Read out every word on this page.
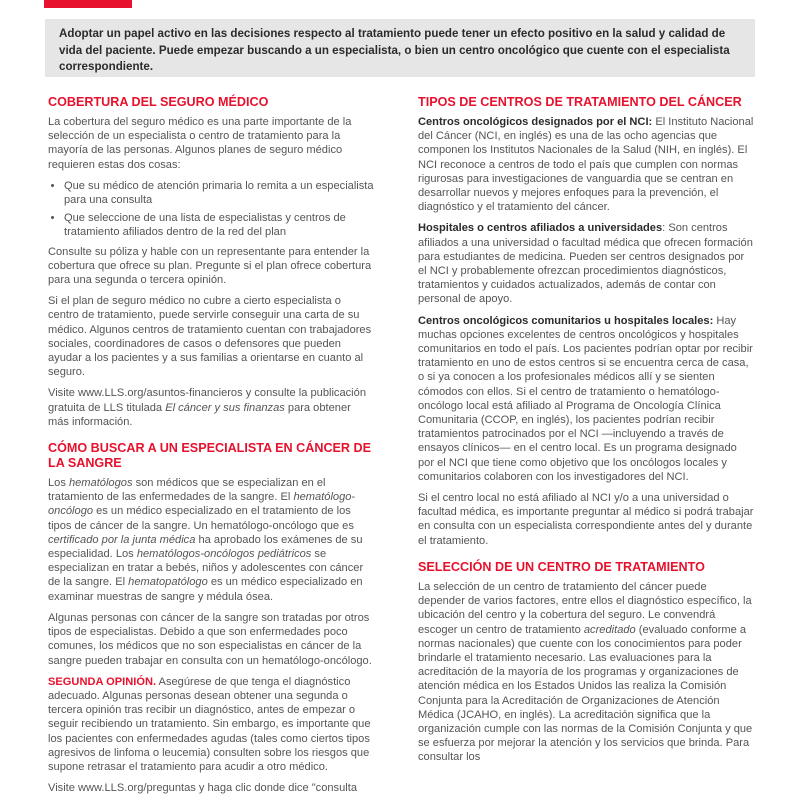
Adoptar un papel activo en las decisiones respecto al tratamiento puede tener un efecto positivo en la salud y calidad de vida del paciente. Puede empezar buscando a un especialista, o bien un centro oncológico que cuente con el especialista correspondiente.
COBERTURA DEL SEGURO MÉDICO

La cobertura del seguro médico es una parte importante de la selección de un especialista o centro de tratamiento para la mayoría de las personas. Algunos planes de seguro médico requieren estas dos cosas:

• Que su médico de atención primaria lo remita a un especialista para una consulta
• Que seleccione de una lista de especialistas y centros de tratamiento afiliados dentro de la red del plan

Consulte su póliza y hable con un representante para entender la cobertura que ofrece su plan. Pregunte si el plan ofrece cobertura para una segunda o tercera opinión.

Si el plan de seguro médico no cubre a cierto especialista o centro de tratamiento, puede servirle conseguir una carta de su médico. Algunos centros de tratamiento cuentan con trabajadores sociales, coordinadores de casos o defensores que pueden ayudar a los pacientes y a sus familias a orientarse en cuanto al seguro.

Visite www.LLS.org/asuntos-financieros y consulte la publicación gratuita de LLS titulada El cáncer y sus finanzas para obtener más información.

CÓMO BUSCAR A UN ESPECIALISTA EN CÁNCER DE LA SANGRE

Los hematólogos son médicos que se especializan en el tratamiento de las enfermedades de la sangre. El hematólogo-oncólogo es un médico especializado en el tratamiento de los tipos de cáncer de la sangre. Un hematólogo-oncólogo que es certificado por la junta médica ha aprobado los exámenes de su especialidad. Los hematólogos-oncólogos pediátricos se especializan en tratar a bebés, niños y adolescentes con cáncer de la sangre. El hematopatólogo es un médico especializado en examinar muestras de sangre y médula ósea.

Algunas personas con cáncer de la sangre son tratadas por otros tipos de especialistas. Debido a que son enfermedades poco comunes, los médicos que no son especialistas en cáncer de la sangre pueden trabajar en consulta con un hematólogo-oncólogo.

SEGUNDA OPINIÓN. Asegúrese de que tenga el diagnóstico adecuado. Algunas personas desean obtener una segunda o tercera opinión tras recibir un diagnóstico, antes de empezar o seguir recibiendo un tratamiento. Sin embargo, es importante que los pacientes con enfermedades agudas (tales como ciertos tipos agresivos de linfoma o leucemia) consulten sobre los riesgos que supone retrasar el tratamiento para acudir a otro médico.

Visite www.LLS.org/preguntas y haga clic donde dice "consulta

TIPOS DE CENTROS DE TRATAMIENTO DEL CÁNCER

Centros oncológicos designados por el NCI: El Instituto Nacional del Cáncer (NCI, en inglés) es una de las ocho agencias que componen los Institutos Nacionales de la Salud (NIH, en inglés). El NCI reconoce a centros de todo el país que cumplen con normas rigurosas para investigaciones de vanguardia que se centran en desarrollar nuevos y mejores enfoques para la prevención, el diagnóstico y el tratamiento del cáncer.

Hospitales o centros afiliados a universidades: Son centros afiliados a una universidad o facultad médica que ofrecen formación para estudiantes de medicina. Pueden ser centros designados por el NCI y probablemente ofrezcan procedimientos diagnósticos, tratamientos y cuidados actualizados, además de contar con personal de apoyo.

Centros oncológicos comunitarios u hospitales locales: Hay muchas opciones excelentes de centros oncológicos y hospitales comunitarios en todo el país. Los pacientes podrían optar por recibir tratamiento en uno de estos centros si se encuentra cerca de casa, o si ya conocen a los profesionales médicos allí y se sienten cómodos con ellos. Si el centro de tratamiento o hematólogo-oncólogo local está afiliado al Programa de Oncología Clínica Comunitaria (CCOP, en inglés), los pacientes podrían recibir tratamientos patrocinados por el NCI —incluyendo a través de ensayos clínicos— en el centro local. Es un programa designado por el NCI que tiene como objetivo que los oncólogos locales y comunitarios colaboren con los investigadores del NCI.

Si el centro local no está afiliado al NCI y/o a una universidad o facultad médica, es importante preguntar al médico si podrá trabajar en consulta con un especialista correspondiente antes del y durante el tratamiento.

SELECCIÓN DE UN CENTRO DE TRATAMIENTO

La selección de un centro de tratamiento del cáncer puede depender de varios factores, entre ellos el diagnóstico específico, la ubicación del centro y la cobertura del seguro. Le convendrá escoger un centro de tratamiento acreditado (evaluado conforme a normas nacionales) que cuente con los conocimientos para poder brindarle el tratamiento necesario. Las evaluaciones para la acreditación de la mayoría de los programas y organizaciones de atención médica en los Estados Unidos las realiza la Comisión Conjunta para la Acreditación de Organizaciones de Atención Médica (JCAHO, en inglés). La acreditación significa que la organización cumple con las normas de la Comisión Conjunta y que se esfuerza por mejorar la atención y los servicios que brinda. Para consultar los
